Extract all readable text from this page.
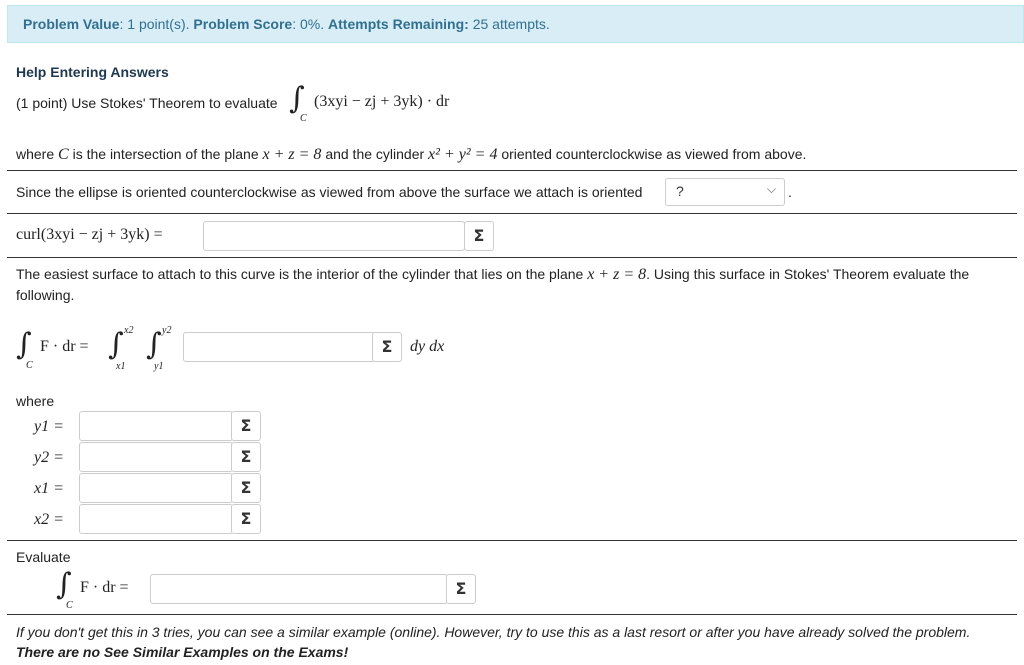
Problem Value: 1 point(s). Problem Score: 0%. Attempts Remaining: 25 attempts.
Help Entering Answers
(1 point) Use Stokes' Theorem to evaluate ∫
C
(3xyi − zj + 3yk) · dr
where C is the intersection of the plane x + z = 8 and the cylinder x² + y² = 4 oriented counterclockwise as viewed from above.
Since the ellipse is oriented counterclockwise as viewed from above the surface we attach is oriented	?	⌵ .
curl(3xyi − zj + 3yk) =	Σ
The easiest surface to attach to this curve is the interior of the cylinder that lies on the plane x + z = 8. Using this surface in Stokes' Theorem evaluate the
following.
∫
C
F · dr = ∫ x2
x1
∫ y2
y1
Σ	dy dx
where
y1 =	Σ
y2 =	Σ
x1 =	Σ
x2 =	Σ
Evaluate
∫
C
F · dr =	Σ
If you don't get this in 3 tries, you can see a similar example (online). However, try to use this as a last resort or after you have already solved the problem.
There are no See Similar Examples on the Exams!
